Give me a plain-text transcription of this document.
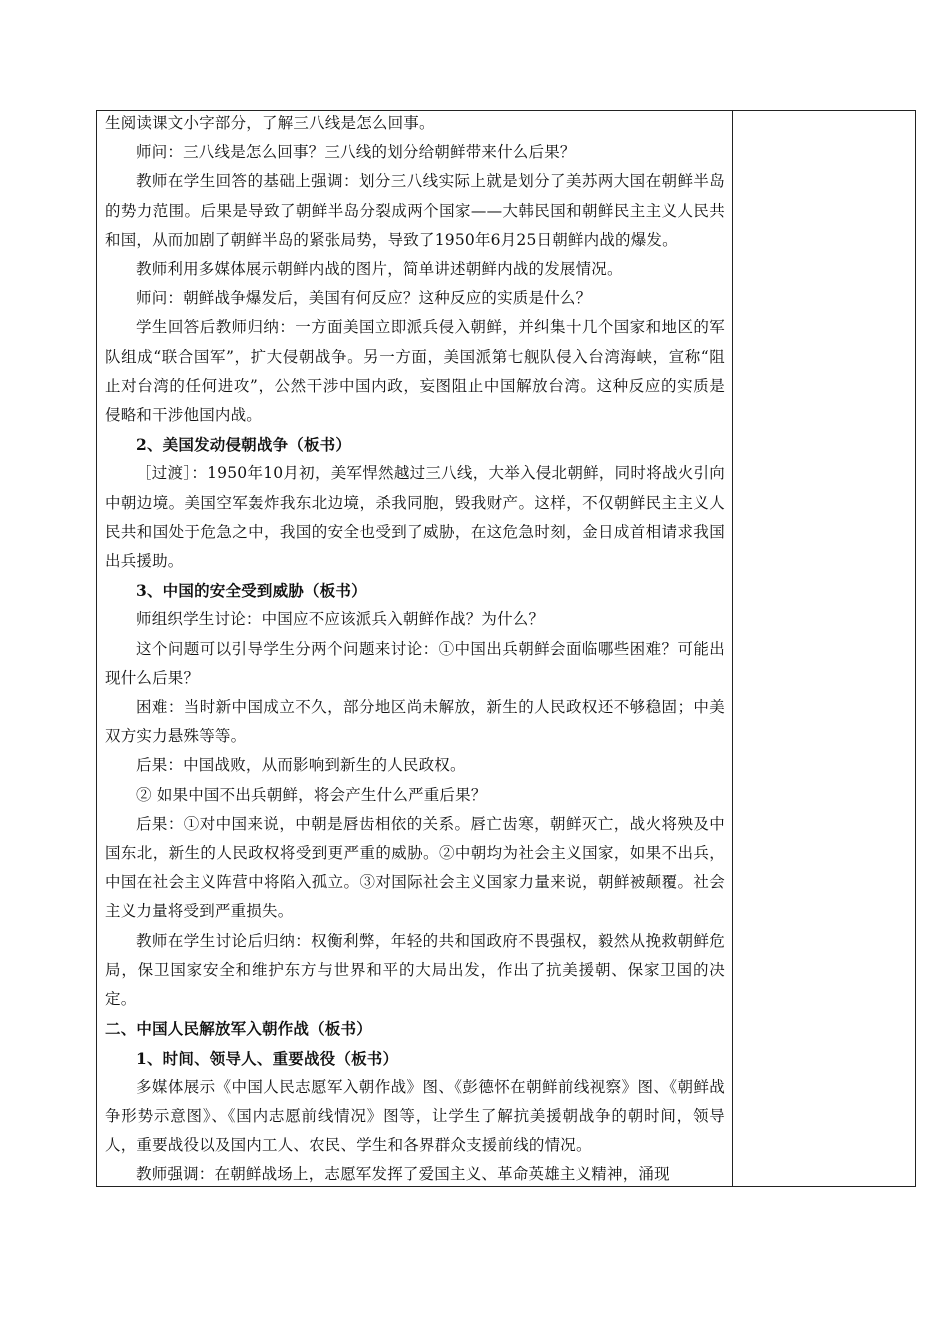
生阅读课文小字部分，了解三八线是怎么回事。

师问：三八线是怎么回事？三八线的划分给朝鲜带来什么后果？

教师在学生回答的基础上强调：划分三八线实际上就是划分了美苏两大国在朝鲜半岛的势力范围。后果是导致了朝鲜半岛分裂成两个国家——大韩民国和朝鲜民主主义人民共和国，从而加剧了朝鲜半岛的紧张局势，导致了1950年6月25日朝鲜内战的爆发。

教师利用多媒体展示朝鲜内战的图片，简单讲述朝鲜内战的发展情况。

师问：朝鲜战争爆发后，美国有何反应？这种反应的实质是什么？

学生回答后教师归纳：一方面美国立即派兵侵入朝鲜，并纠集十几个国家和地区的军队组成“联合国军”，扩大侵朝战争。另一方面，美国派第七舰队侵入台湾海峡，宣称“阻止对台湾的任何进攻”，公然干涉中国内政，妄图阻止中国解放台湾。这种反应的实质是侵略和干涉他国内战。

2、美国发动侵朝战争（板书）

［过渡］：1950年10月初，美军悍然越过三八线，大举入侵北朝鲜，同时将战火引向中朝边境。美国空军轰炸我东北边境，杀我同胞，毁我财产。这样，不仅朝鲜民主主义人民共和国处于危急之中，我国的安全也受到了威胁，在这危急时刻，金日成首相请求我国出兵援助。

3、中国的安全受到威胁（板书）

师组织学生讨论：中国应不应该派兵入朝鲜作战？为什么？

这个问题可以引导学生分两个问题来讨论：①中国出兵朝鲜会面临哪些困难？可能出现什么后果？

困难：当时新中国成立不久，部分地区尚未解放，新生的人民政权还不够稳固；中美双方实力悬殊等等。

后果：中国战败，从而影响到新生的人民政权。

② 如果中国不出兵朝鲜，将会产生什么严重后果？

后果：①对中国来说，中朝是唇齿相依的关系。唇亡齿寒，朝鲜灭亡，战火将殃及中国东北，新生的人民政权将受到更严重的威胁。②中朝均为社会主义国家，如果不出兵，中国在社会主义阵营中将陷入孤立。③对国际社会主义国家力量来说，朝鲜被颠覆。社会主义力量将受到严重损失。

教师在学生讨论后归纳：权衡利弊，年轻的共和国政府不畏强权，毅然从挽救朝鲜危局，保卫国家安全和维护东方与世界和平的大局出发，作出了抗美援朝、保家卫国的决定。

二、中国人民解放军入朝作战（板书）

1、时间、领导人、重要战役（板书）

多媒体展示《中国人民志愿军入朝作战》图、《彭德怀在朝鲜前线视察》图、《朝鲜战争形势示意图》、《国内志愿前线情况》图等，让学生了解抗美援朝战争的朝时间，领导人，重要战役以及国内工人、农民、学生和各界群众支援前线的情况。

教师强调：在朝鲜战场上，志愿军发挥了爱国主义、革命英雄主义精神，涌现
